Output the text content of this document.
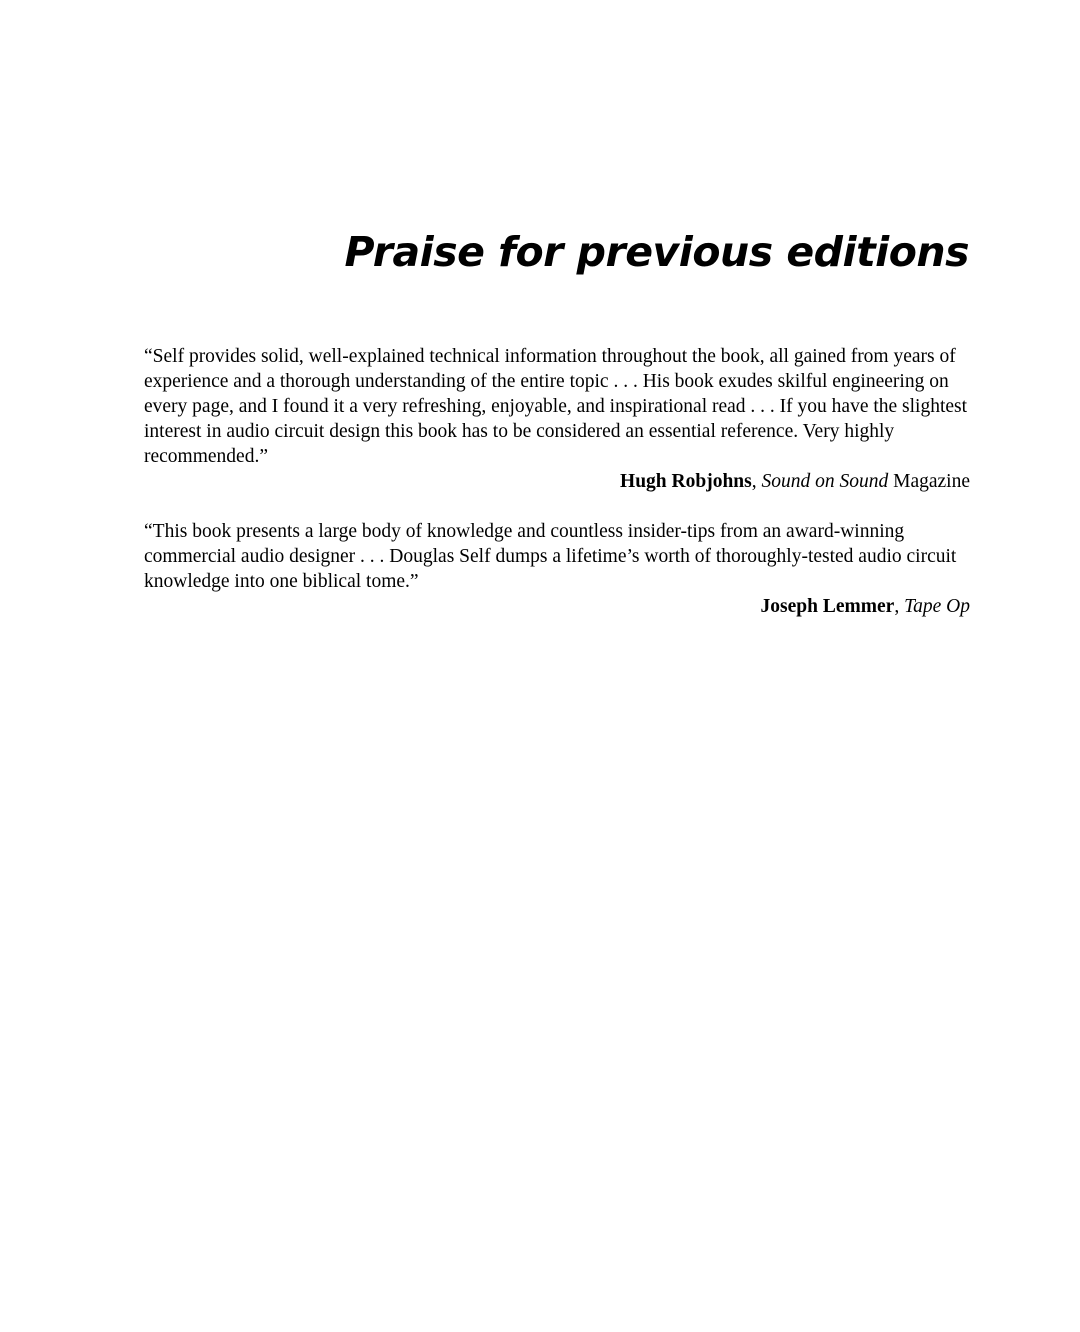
Praise for previous editions

“Self provides solid, well-explained technical information throughout the book, all gained from years of experience and a thorough understanding of the entire topic . . . His book exudes skilful engineering on every page, and I found it a very refreshing, enjoyable, and inspirational read . . . If you have the slightest interest in audio circuit design this book has to be considered an essential reference. Very highly recommended.”

Hugh Robjohns, Sound on Sound Magazine

“This book presents a large body of knowledge and countless insider-tips from an award-winning commercial audio designer . . . Douglas Self dumps a lifetime’s worth of thoroughly-tested audio circuit knowledge into one biblical tome.”

Joseph Lemmer, Tape Op
